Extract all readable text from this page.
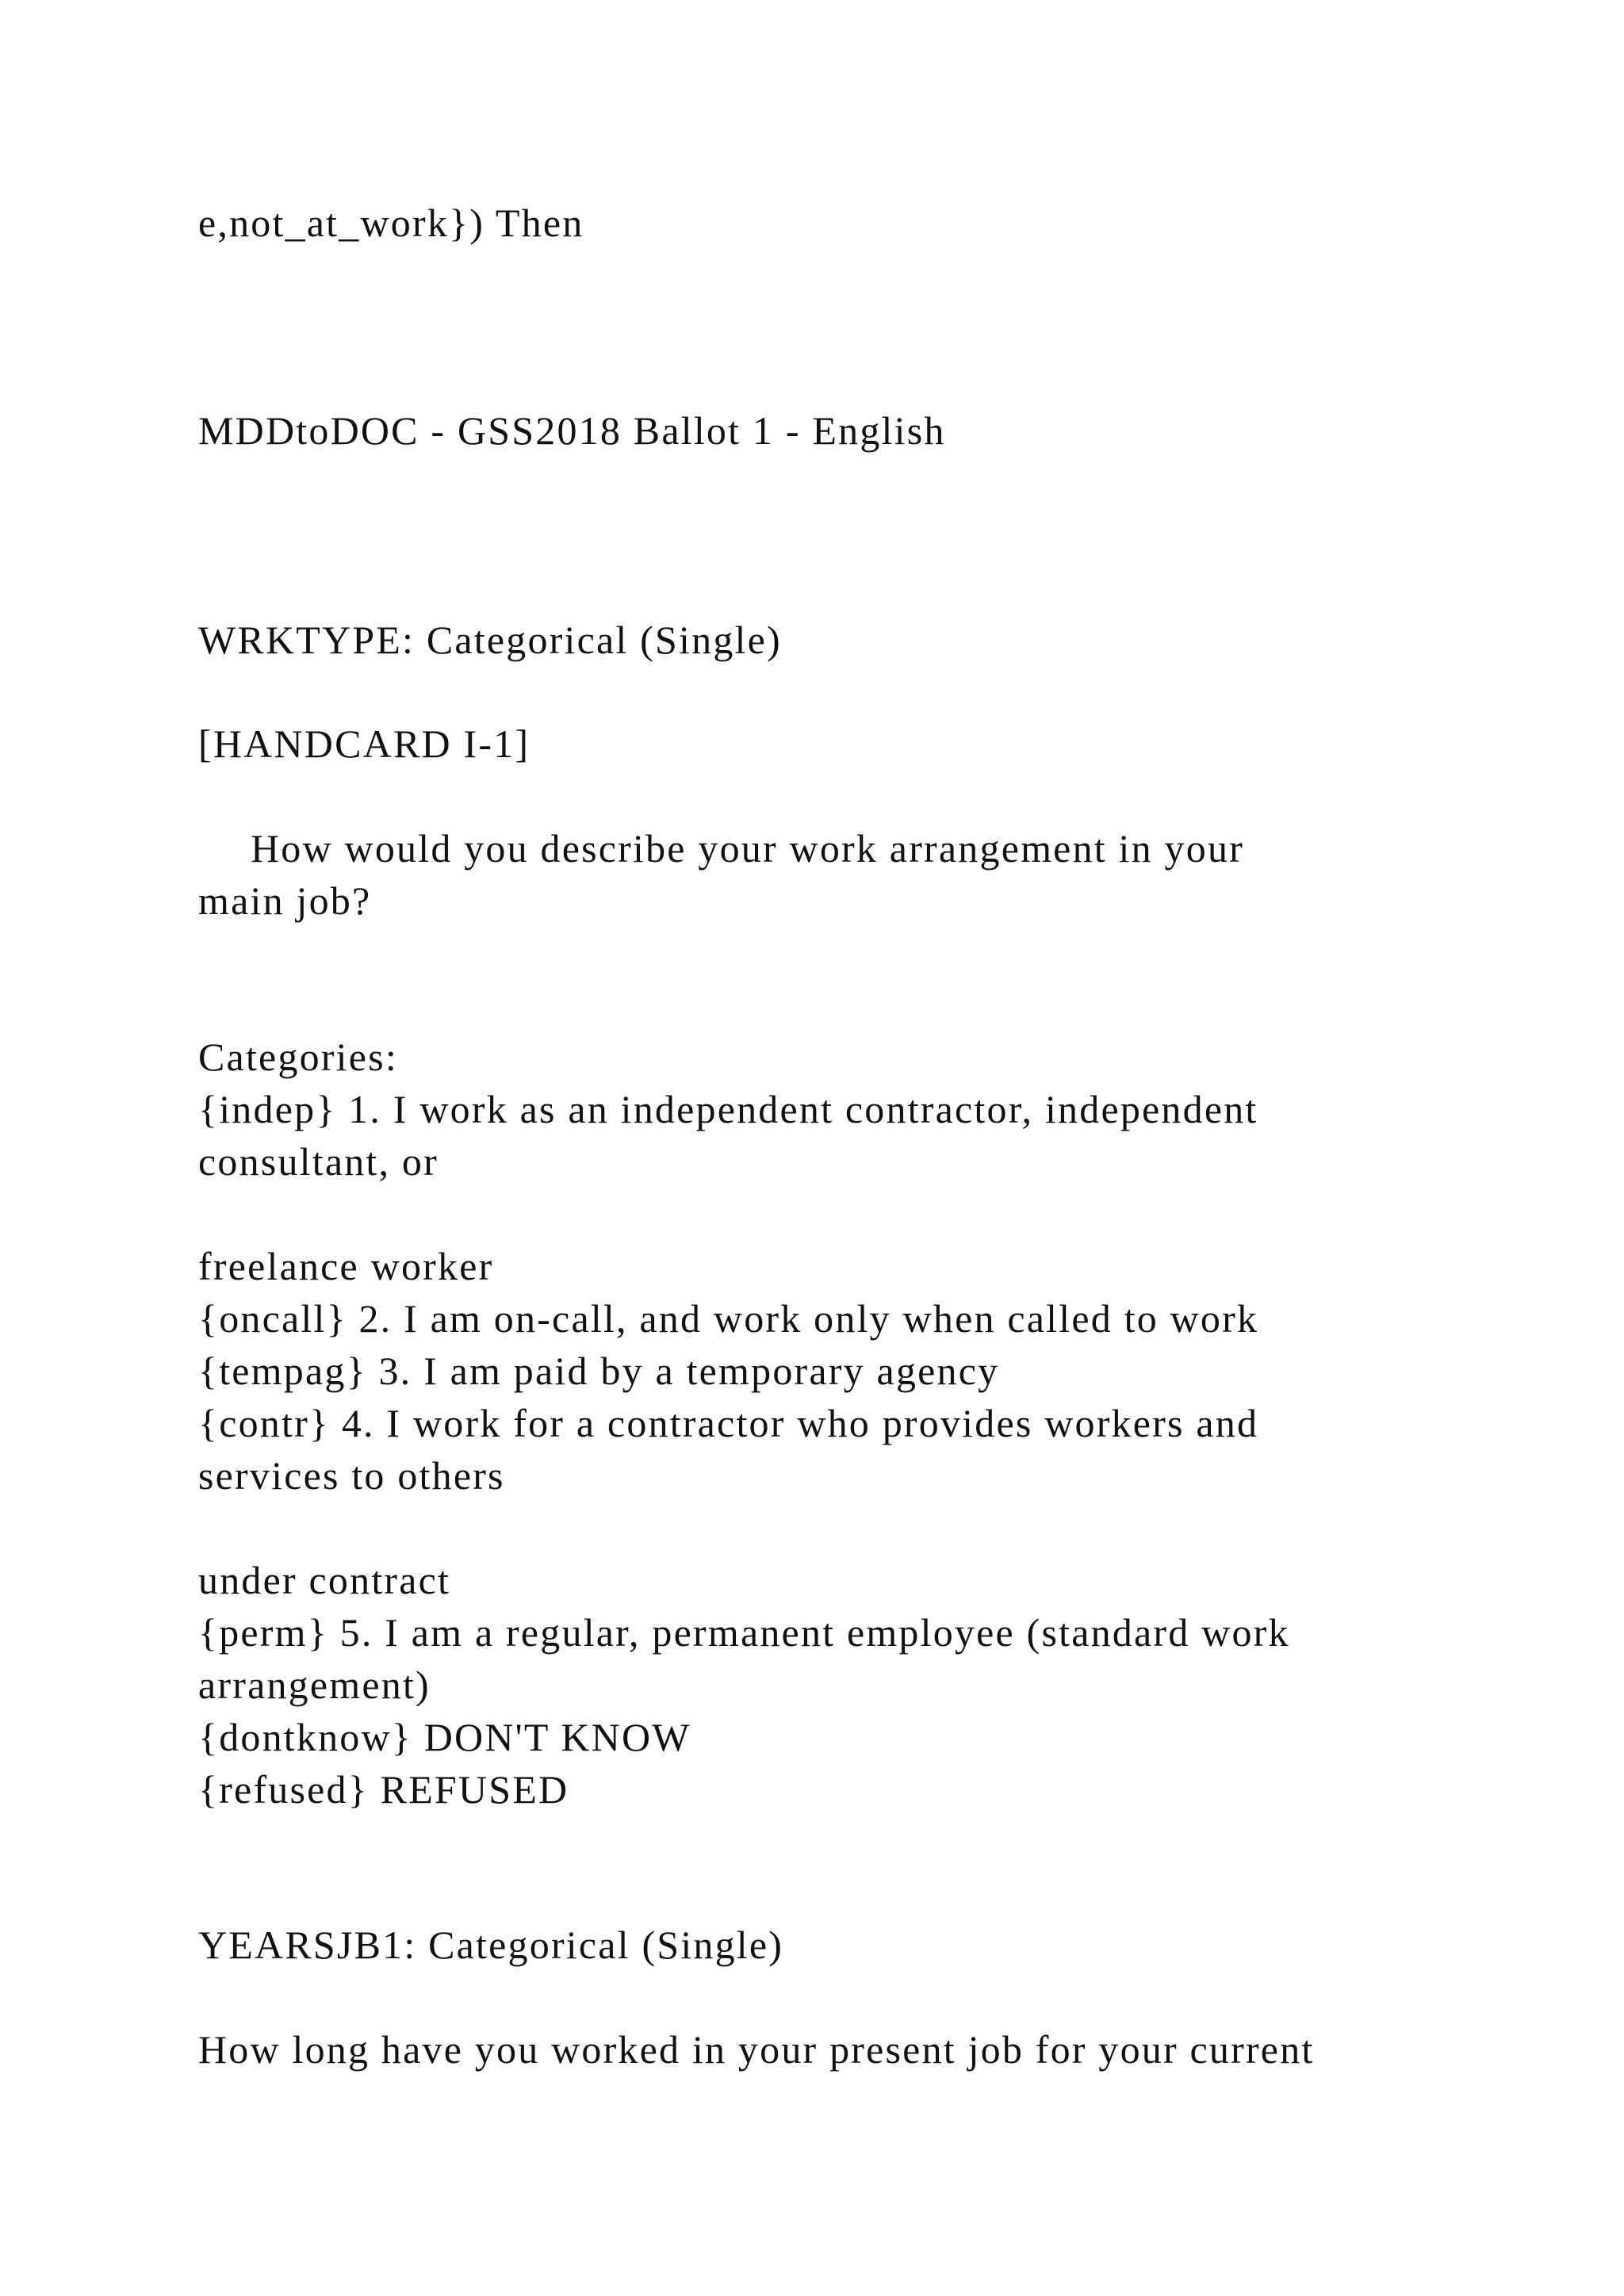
e,not_at_work}) Then

MDDtoDOC - GSS2018 Ballot 1 - English

WRKTYPE: Categorical (Single)

[HANDCARD I-1]

How would you describe your work arrangement in your

main job?

Categories:

{indep} 1. I work as an independent contractor, independent

consultant, or

freelance worker

{oncall} 2. I am on-call, and work only when called to work

{tempag} 3. I am paid by a temporary agency

{contr} 4. I work for a contractor who provides workers and

services to others

under contract

{perm} 5. I am a regular, permanent employee (standard work

arrangement)

{dontknow} DON'T KNOW

{refused} REFUSED

YEARSJB1: Categorical (Single)

How long have you worked in your present job for your current
